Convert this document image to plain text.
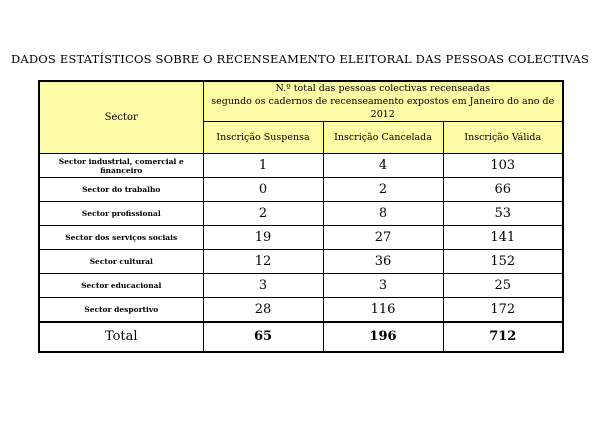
DADOS ESTATÍSTICOS SOBRE O RECENSEAMENTO ELEITORAL DAS PESSOAS COLECTIVAS
Sector	N.º total das pessoas colectivas recenseadas
segundo os cadernos de recenseamento expostos em Janeiro do ano de 2012		

	Inscrição Suspensa	Inscrição Cancelada	Inscrição Válida
Sector industrial, comercial e financeiro	1	4	103
Sector do trabalho	0	2	66
Sector profissional	2	8	53
Sector dos serviços sociais	19	27	141
Sector cultural	12	36	152
Sector educacional	3	3	25
Sector desportivo	28	116	172
Total	65	196	712
